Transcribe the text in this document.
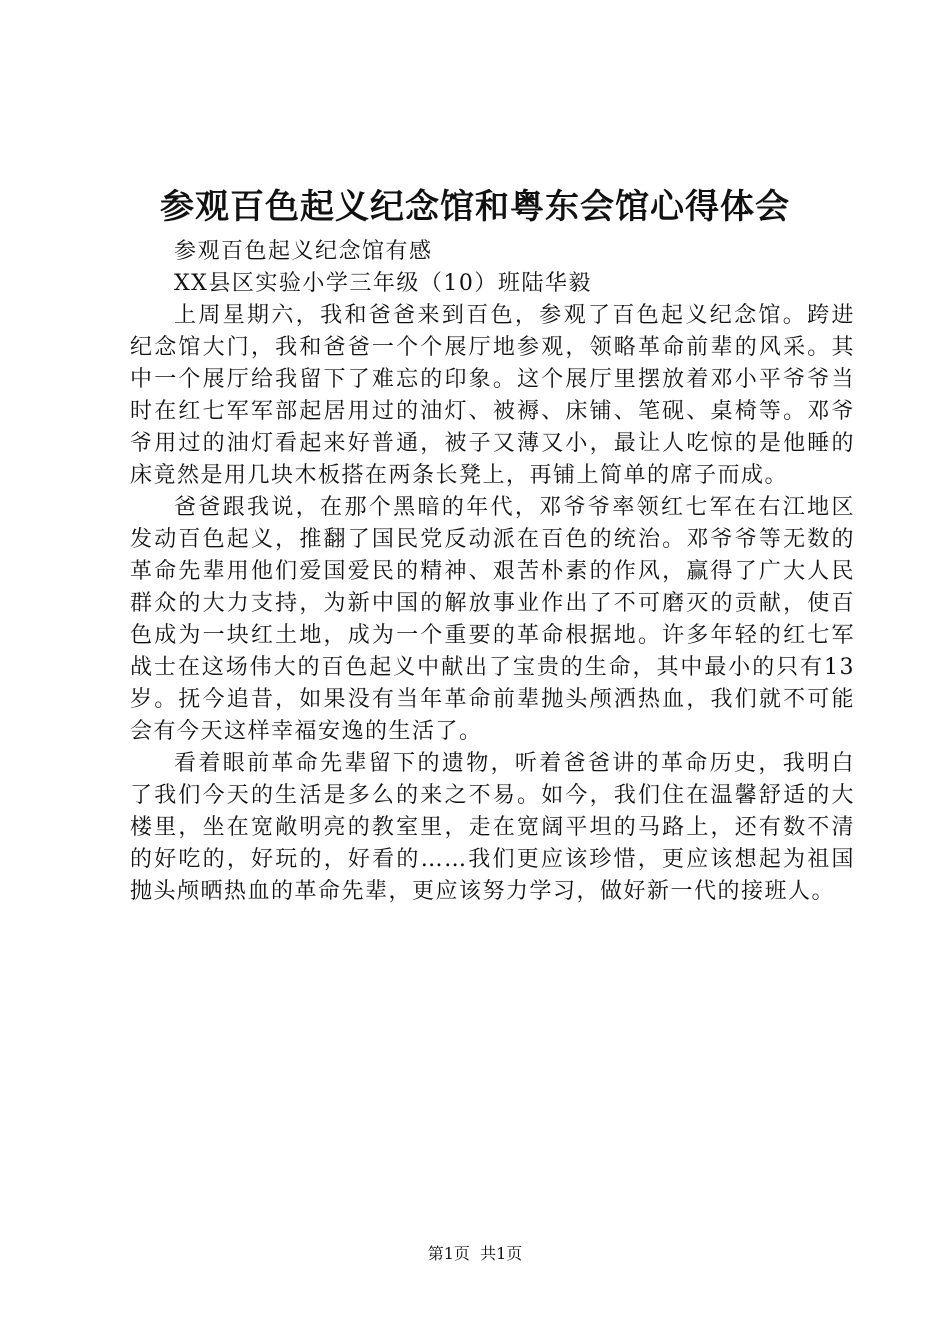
参观百色起义纪念馆和粤东会馆心得体会

参观百色起义纪念馆有感

XX县区实验小学三年级（10）班陆华毅

上周星期六，我和爸爸来到百色，参观了百色起义纪念馆。跨进纪念馆大门，我和爸爸一个个展厅地参观，领略革命前辈的风采。其中一个展厅给我留下了难忘的印象。这个展厅里摆放着邓小平爷爷当时在红七军军部起居用过的油灯、被褥、床铺、笔砚、桌椅等。邓爷爷用过的油灯看起来好普通，被子又薄又小，最让人吃惊的是他睡的床竟然是用几块木板搭在两条长凳上，再铺上简单的席子而成。

爸爸跟我说，在那个黑暗的年代，邓爷爷率领红七军在右江地区发动百色起义，推翻了国民党反动派在百色的统治。邓爷爷等无数的革命先辈用他们爱国爱民的精神、艰苦朴素的作风，赢得了广大人民群众的大力支持，为新中国的解放事业作出了不可磨灭的贡献，使百色成为一块红土地，成为一个重要的革命根据地。许多年轻的红七军战士在这场伟大的百色起义中献出了宝贵的生命，其中最小的只有13岁。抚今追昔，如果没有当年革命前辈抛头颅洒热血，我们就不可能会有今天这样幸福安逸的生活了。

看着眼前革命先辈留下的遗物，听着爸爸讲的革命历史，我明白了我们今天的生活是多么的来之不易。如今，我们住在温馨舒适的大楼里，坐在宽敞明亮的教室里，走在宽阔平坦的马路上，还有数不清的好吃的，好玩的，好看的……我们更应该珍惜，更应该想起为祖国抛头颅晒热血的革命先辈，更应该努力学习，做好新一代的接班人。

第1页 共1页
